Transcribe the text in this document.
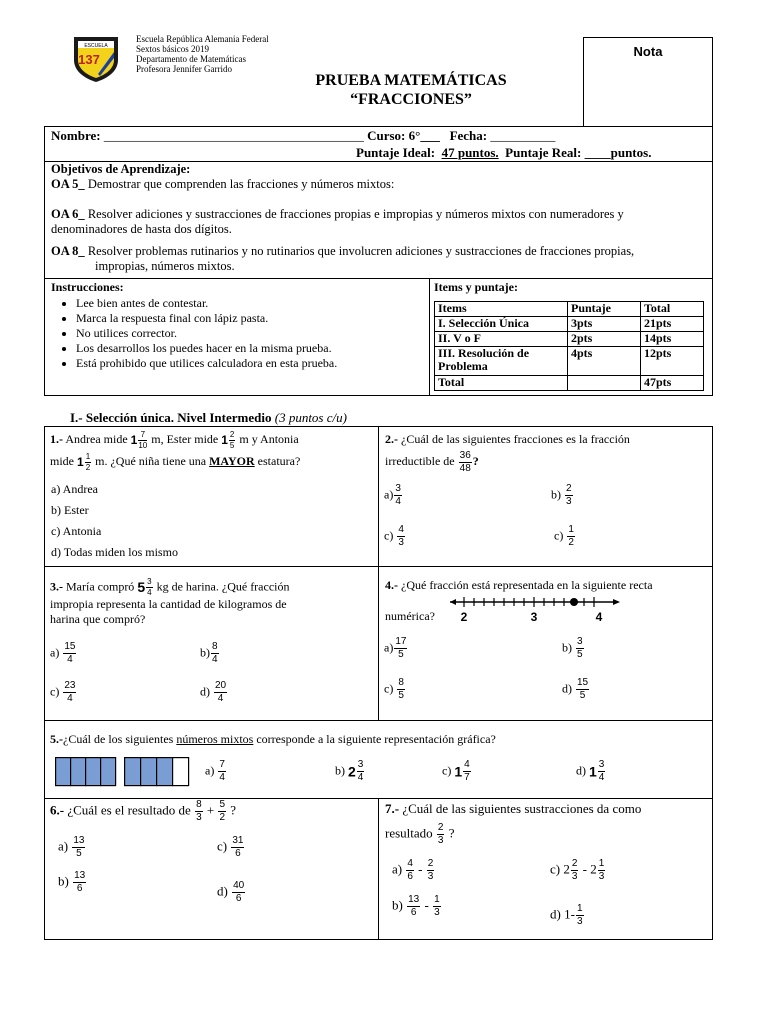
ESCUELA
137
Escuela República Alemania Federal
Sextos básicos 2019
Departamento de Matemáticas
Profesora Jennifer Garrido
PRUEBA MATEMÁTICAS
“FRACCIONES”
Nota
Nombre: ________________________________________ Curso: 6°___ Fecha: __________
Puntaje Ideal: 47 puntos. Puntaje Real: ____puntos.
Objetivos de Aprendizaje:
OA 5_ Demostrar que comprenden las fracciones y números mixtos:
OA 6_ Resolver adiciones y sustracciones de fracciones propias e impropias y números mixtos con numeradores y
denominadores de hasta dos dígitos.
OA 8_ Resolver problemas rutinarios y no rutinarios que involucren adiciones y sustracciones de fracciones propias,
impropias, números mixtos.
Instrucciones:
• Lee bien antes de contestar.
• Marca la respuesta final con lápiz pasta.
• No utilices corrector.
• Los desarrollos los puedes hacer en la misma prueba.
• Está prohibido que utilices calculadora en esta prueba.
Items y puntaje:
Items	Puntaje	Total
I. Selección Única	3pts	21pts
II. V o F	2pts	14pts
III. Resolución de Problema	4pts	12pts
Total		47pts
I.- Selección única. Nivel Intermedio (3 puntos c/u)
1.- Andrea mide $1 \frac{7}{10} m$, Ester mide $1 \frac{2}{5}$ m y Antonia
mide $1 \frac{1}{2} m$. ¿Qué niña tiene una MAYOR estatura?
a) Andrea
b) Ester
c) Antonia
d) Todas miden los mismo
2.- ¿Cuál de las siguientes fracciones es la fracción
irreductible de $\frac{36}{48}$ ?
$a) \frac{3}{4}$	$b) \frac{2}{3}$
$c) \frac{4}{3}$	$c) \frac{1}{2}$
3.- María compró $5 \frac{3}{4}$ kg de harina. ¿Qué fracción
impropia representa la cantidad de kilogramos de
harina que compró?
$a) \frac{15}{4}$	$b) \frac{8}{4}$
$c) \frac{23}{4}$	$d) \frac{20}{4}$
4.- ¿Qué fracción está representada en la siguiente recta
numérica? 2	3	4
$a) \frac{17}{5}$	$b) \frac{3}{5}$
$c) \frac{8}{5}$	$d) \frac{15}{5}$
5.-¿Cuál de los siguientes números mixtos corresponde a la siguiente representación gráfica?
$a) \frac{7}{4}$	b) $2 \frac{3}{4}$	c) $1 \frac{4}{7}$	d) $1 \frac{3}{4}$
6.- ¿Cuál es el resultado de $\frac{8}{3} + \frac{5}{2}$ ?
$a) \frac{13}{5}$	$c) \frac{31}{6}$
$b) \frac{13}{6}$	$d) \frac{40}{6}$
7.- ¿Cuál de las siguientes sustracciones da como
resultado $\frac{2}{3}$ ?
$a) \frac{4}{6} - \frac{2}{3}$	c) $2 \frac{2}{3} - 2 \frac{1}{3}$
$b) \frac{13}{6} - \frac{1}{3}$	d) $1- \frac{1}{3}$
